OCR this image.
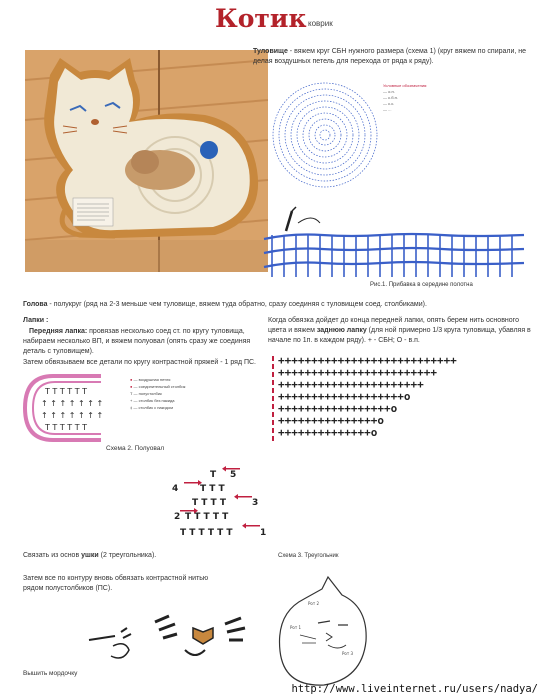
Котик коврик
Туловище - вяжем круг СБН нужного размера (схема 1) (круг вяжем по спирали, не делая воздушных петель для перехода от ряда к ряду).
Условные обозначения:
— о.п.
— с.б.н.
— с.с.
— ...
Рис.1. Прибавка в середине полотна
Голова - полукруг (ряд на 2-3 меньше чем туловище, вяжем туда обратно, сразу соединяя с туловищем соед. столбиками).
Лапки :
Передняя лапка: провязав несколько соед ст. по кругу туловища, набираем несколько ВП, и вяжем полуовал (опять сразу же соединяя деталь с туловищем).
Затем обвязываем все детали по кругу контрастной пряжей - 1 ряд ПС.
T T T T T T
↑ ↑ ↑ ↑ ↑ ↑ ↑
↑ ↑ ↑ ↑ ↑ ↑ ↑
T T T T T T
● — воздушная петля
● — соединительный столбик
T — полустолбик
+ — столбик без накида
‡ — столбик с накидом
Схема 2. Полуовал
Когда обвязка дойдет до конца передней лапки, опять берем нить основного цвета и вяжем заднюю лапку (для ной примерно 1/3 круга туловища, убавляя в начале по 1п. в каждом ряду). + - СБН; О - в.п.
+++++++++++++++++++++++++++
++++++++++++++++++++++++
++++++++++++++++++++++
+++++++++++++++++++o
+++++++++++++++++o
+++++++++++++++o
++++++++++++++o
T
T T T
T T T T
T T T T T
T T T T T T
5
4
3
2
1
Связать из основ ушки (2 треугольника).	Схема 3. Треугольник
Затем все по контуру вновь обвязать контрастной нитью рядом полустолбиков (ПС).
Вышить мордочку
Рот 2
Рот 1
Рот 3
http://www.liveinternet.ru/users/nadya/
